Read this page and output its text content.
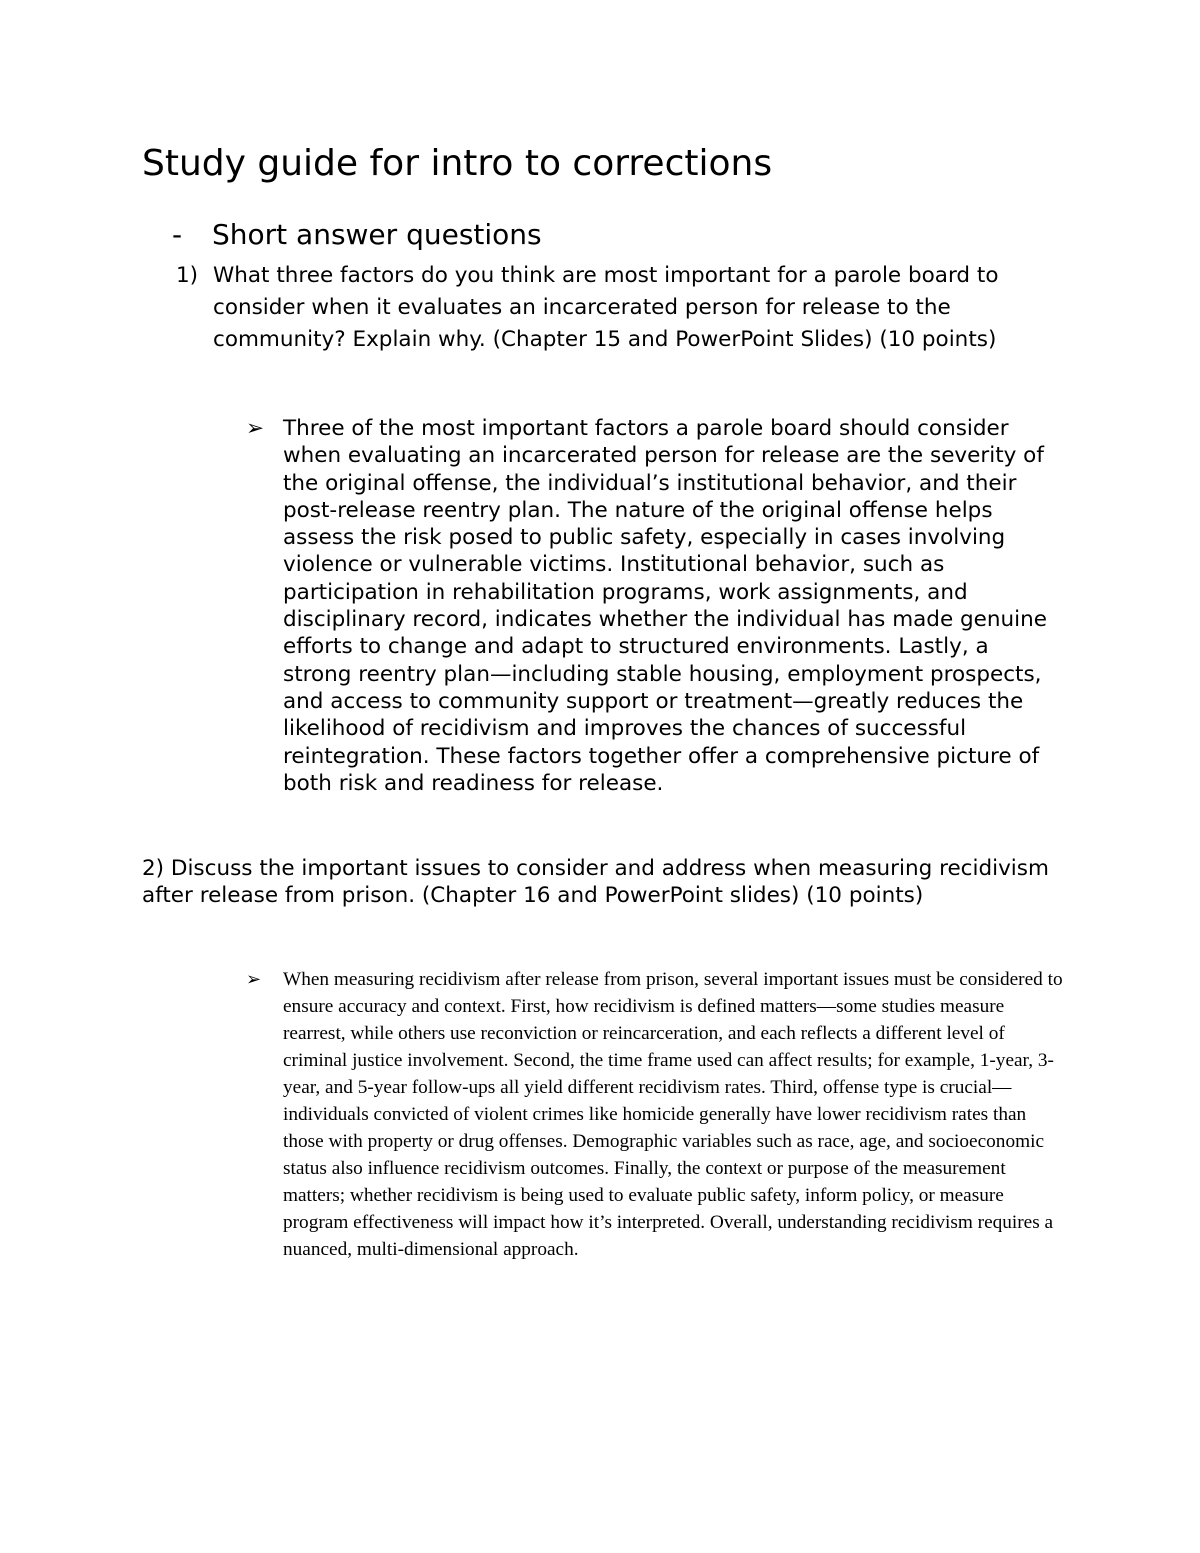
Study guide for intro to corrections
- Short answer questions
1) What three factors do you think are most important for a parole board to consider when it evaluates an incarcerated person for release to the community? Explain why. (Chapter 15 and PowerPoint Slides) (10 points)
➢ Three of the most important factors a parole board should consider when evaluating an incarcerated person for release are the severity of the original offense, the individual’s institutional behavior, and their post-release reentry plan. The nature of the original offense helps assess the risk posed to public safety, especially in cases involving violence or vulnerable victims. Institutional behavior, such as participation in rehabilitation programs, work assignments, and disciplinary record, indicates whether the individual has made genuine efforts to change and adapt to structured environments. Lastly, a strong reentry plan—including stable housing, employment prospects, and access to community support or treatment—greatly reduces the likelihood of recidivism and improves the chances of successful reintegration. These factors together offer a comprehensive picture of both risk and readiness for release.
2) Discuss the important issues to consider and address when measuring recidivism after release from prison. (Chapter 16 and PowerPoint slides) (10 points)
➢ When measuring recidivism after release from prison, several important issues must be considered to ensure accuracy and context. First, how recidivism is defined matters—some studies measure rearrest, while others use reconviction or reincarceration, and each reflects a different level of criminal justice involvement. Second, the time frame used can affect results; for example, 1-year, 3-year, and 5-year follow-ups all yield different recidivism rates. Third, offense type is crucial—individuals convicted of violent crimes like homicide generally have lower recidivism rates than those with property or drug offenses. Demographic variables such as race, age, and socioeconomic status also influence recidivism outcomes. Finally, the context or purpose of the measurement matters; whether recidivism is being used to evaluate public safety, inform policy, or measure program effectiveness will impact how it’s interpreted. Overall, understanding recidivism requires a nuanced, multi-dimensional approach.
